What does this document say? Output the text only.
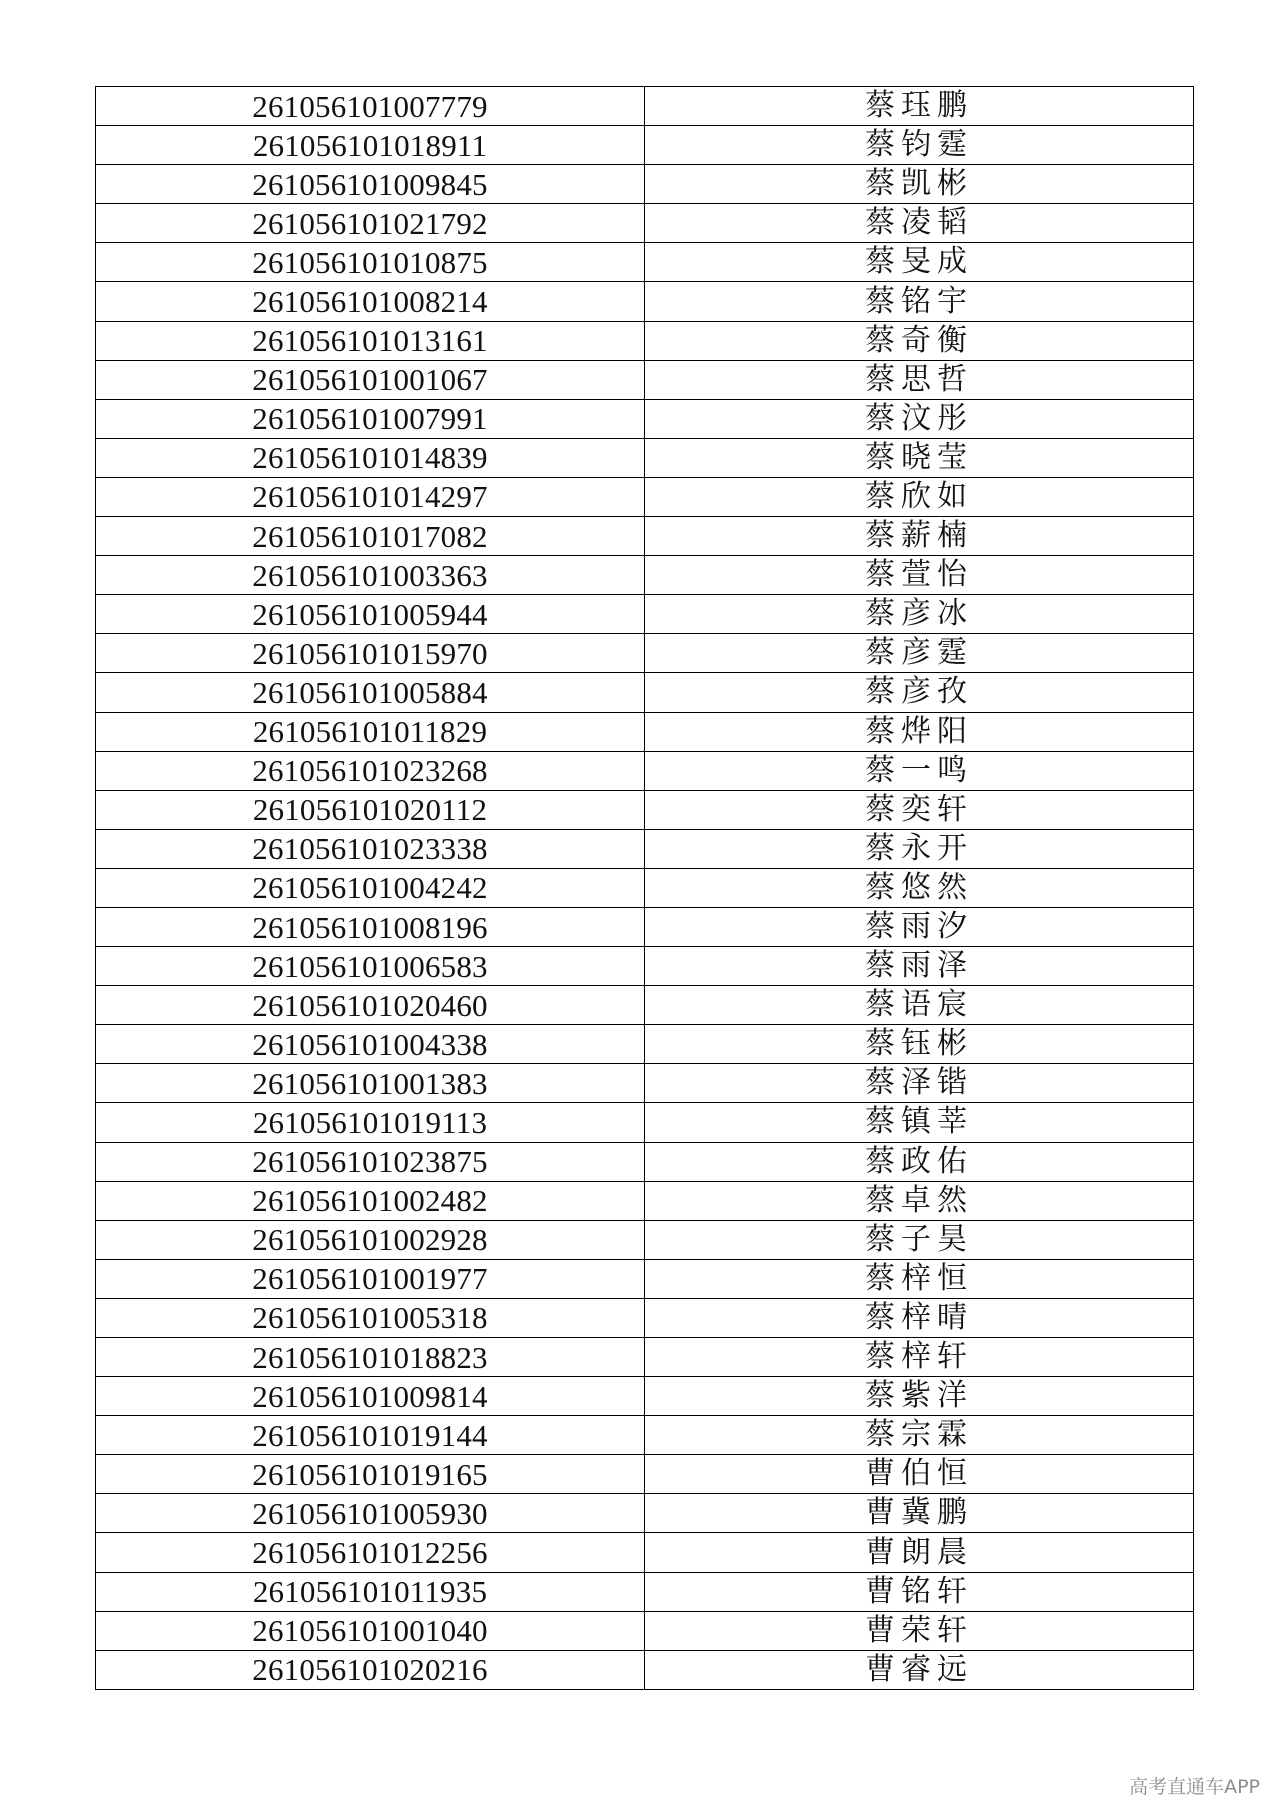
261056101007779	蔡珏鹏
261056101018911	蔡钧霆
261056101009845	蔡凯彬
261056101021792	蔡凌韬
261056101010875	蔡旻成
261056101008214	蔡铭宇
261056101013161	蔡奇衡
261056101001067	蔡思哲
261056101007991	蔡汶彤
261056101014839	蔡晓莹
261056101014297	蔡欣如
261056101017082	蔡薪楠
261056101003363	蔡萱怡
261056101005944	蔡彦冰
261056101015970	蔡彦霆
261056101005884	蔡彦孜
261056101011829	蔡烨阳
261056101023268	蔡一鸣
261056101020112	蔡奕轩
261056101023338	蔡永开
261056101004242	蔡悠然
261056101008196	蔡雨汐
261056101006583	蔡雨泽
261056101020460	蔡语宸
261056101004338	蔡钰彬
261056101001383	蔡泽锴
261056101019113	蔡镇莘
261056101023875	蔡政佑
261056101002482	蔡卓然
261056101002928	蔡子昊
261056101001977	蔡梓恒
261056101005318	蔡梓晴
261056101018823	蔡梓轩
261056101009814	蔡紫洋
261056101019144	蔡宗霖
261056101019165	曹伯恒
261056101005930	曹冀鹏
261056101012256	曹朗晨
261056101011935	曹铭轩
261056101001040	曹荣轩
261056101020216	曹睿远
高考直通车APP
